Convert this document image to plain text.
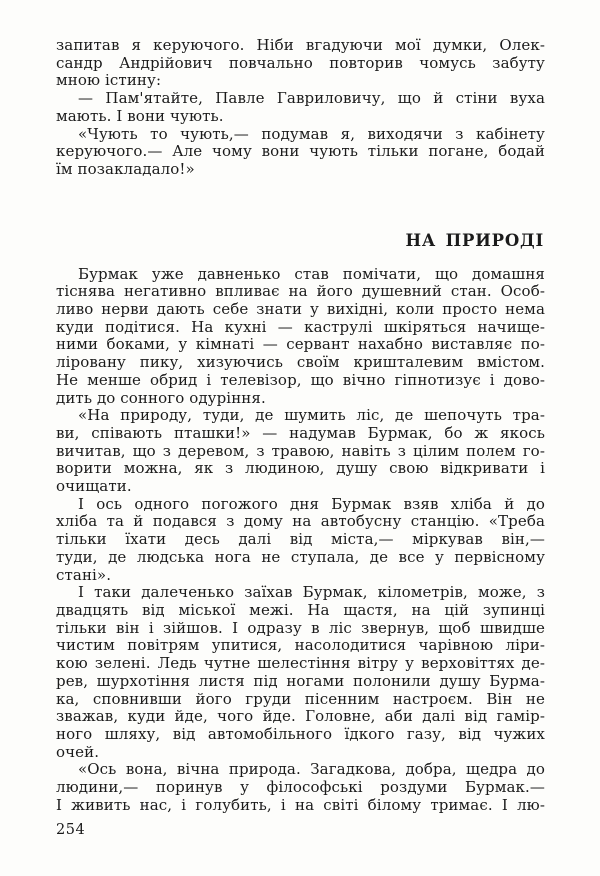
запитав я керуючого. Ніби вгадуючи мої думки, Олек-
сандр Андрійович повчально повторив чомусь забуту
мною істину:
— Пам'ятайте, Павле Гавриловичу, що й стіни вуха
мають. І вони чують.
«Чують то чують,— подумав я, виходячи з кабінету
керуючого.— Але чому вони чують тільки погане, бодай
їм позакладало!»
НА ПРИРОДІ
Бурмак уже давненько став помічати, що домашня
тіснява негативно впливає на його душевний стан. Особ-
ливо нерви дають себе знати у вихідні, коли просто нема
куди подітися. На кухні — каструлі шкіряться начище-
ними боками, у кімнаті — сервант нахабно виставляє по-
ліровану пику, хизуючись своїм кришталевим вмістом.
Не менше обрид і телевізор, що вічно гіпнотизує і дово-
дить до сонного одуріння.
«На природу, туди, де шумить ліс, де шепочуть тра-
ви, співають пташки!» — надумав Бурмак, бо ж якось
вичитав, що з деревом, з травою, навіть з цілим полем го-
ворити можна, як з людиною, душу свою відкривати і
очищати.
І ось одного погожого дня Бурмак взяв хліба й до
хліба та й подався з дому на автобусну станцію. «Треба
тільки їхати десь далі від міста,— міркував він,—
туди, де людська нога не ступала, де все у первісному
стані».
І таки далеченько заїхав Бурмак, кілометрів, може, з
двадцять від міської межі. На щастя, на цій зупинці
тільки він і зійшов. І одразу в ліс звернув, щоб швидше
чистим повітрям упитися, насолодитися чарівною ліри-
кою зелені. Ледь чутне шелестіння вітру у верховіттях де-
рев, шурхотіння листя під ногами полонили душу Бурма-
ка, сповнивши його груди пісенним настроєм. Він не
зважав, куди йде, чого йде. Головне, аби далі від гамір-
ного шляху, від автомобільного їдкого газу, від чужих
очей.
«Ось вона, вічна природа. Загадкова, добра, щедра до
людини,— поринув у філософські роздуми Бурмак.—
І живить нас, і голубить, і на світі білому тримає. І лю-
254
